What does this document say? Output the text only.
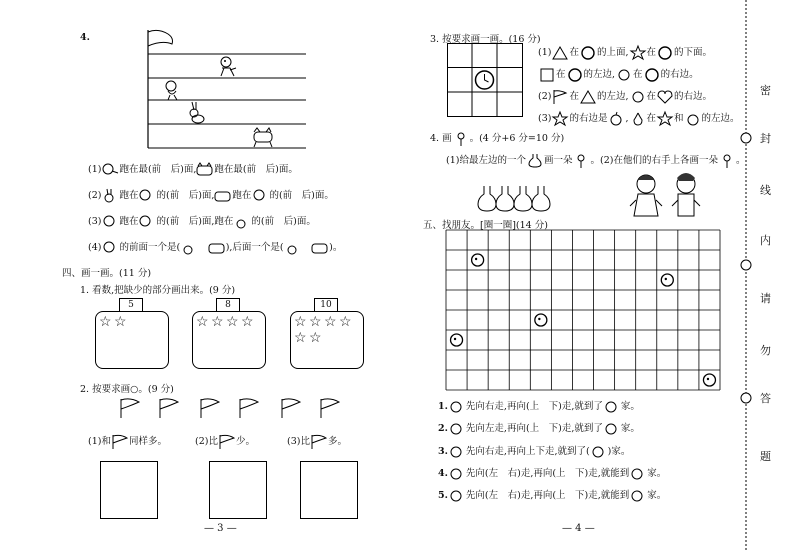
4.
(1) 跑在最(前　后)面, 跑在最(前　后)面。
(2) 跑在 的(前　后)面, 跑在 的(前　后)面。
(3) 跑在 的(前　后)面,跑在 的(前　后)面。
(4) 的前面一个是(　	),后面一个是(　	)。
四、画一画。(11 分)
1. 看数,把缺少的部分画出来。(9 分)
5
☆ ☆
8
☆ ☆ ☆ ☆
10
☆ ☆ ☆ ☆
☆ ☆
2. 按要求画○。(9 分)
(1)和 同样多。	(2)比 少。	(3)比 多。
— 3 —
3. 按要求画一画。(16 分)
(1) 在 的上面, 在 的下面。
在 的左边, 在 的右边。
(2) 在 的左边, 在 的右边。
(3) 的右边是 , 在 和 的左边。
4. 画 。(4 分+6 分=10 分)
(1)给最左边的一个 画一朵 。 (2)在他们的右手上各画一朵 。
五、找朋友。[圈一圈](14 分)
1. 先向右走,再向(上　下)走,就到了 家。
2. 先向左走,再向(上　下)走,就到了 家。
3. 先向右走,再向上下走,就到了( )家。
4. 先向(左　右)走,再向(上　下)走,就能到 家。
5. 先向(左　右)走,再向(上　下)走,就能到 家。
— 4 —
密
封
线
内
请
勿
答
题
